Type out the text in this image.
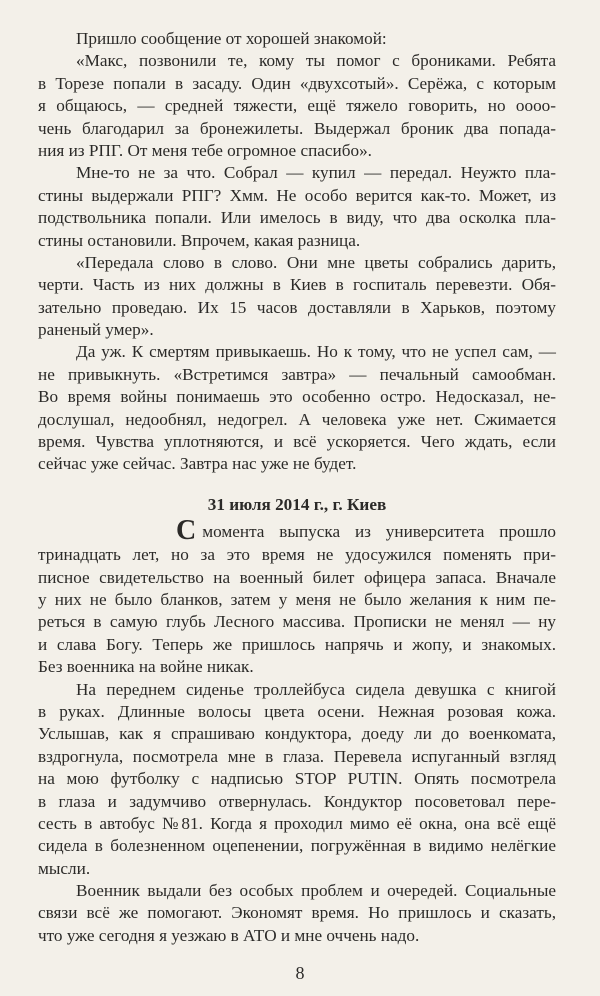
Пришло сообщение от хорошей знакомой:
«Макс, позвонили те, кому ты помог с брониками. Ребята
в Торезе попали в засаду. Один «двухсотый». Серёжа, с которым
я общаюсь, — средней тяжести, ещё тяжело говорить, но оооо-
чень благодарил за бронежилеты. Выдержал броник два попада-
ния из РПГ. От меня тебе огромное спасибо».
Мне-то не за что. Собрал — купил — передал. Неужто пла-
стины выдержали РПГ? Хмм. Не особо верится как-то. Может, из
подствольника попали. Или имелось в виду, что два осколка пла-
стины остановили. Впрочем, какая разница.
«Передала слово в слово. Они мне цветы собрались дарить,
черти. Часть из них должны в Киев в госпиталь перевезти. Обя-
зательно проведаю. Их 15 часов доставляли в Харьков, поэтому
раненый умер».
Да уж. К смертям привыкаешь. Но к тому, что не успел сам, —
не привыкнуть. «Встретимся завтра» — печальный самообман.
Во время войны понимаешь это особенно остро. Недосказал, не-
дослушал, недообнял, недогрел. А человека уже нет. Сжимается
время. Чувства уплотняются, и всё ускоряется. Чего ждать, если
сейчас уже сейчас. Завтра нас уже не будет.
31 июля 2014 г., г. Киев
Смомента выпуска из университета прошло
тринадцать лет, но за это время не удосужился поменять при-
писное свидетельство на военный билет офицера запаса. Вначале
у них не было бланков, затем у меня не было желания к ним пе-
реться в самую глубь Лесного массива. Прописки не менял — ну
и слава Богу. Теперь же пришлось напрячь и жопу, и знакомых.
Без военника на войне никак.
На переднем сиденье троллейбуса сидела девушка с книгой
в руках. Длинные волосы цвета осени. Нежная розовая кожа.
Услышав, как я спрашиваю кондуктора, доеду ли до военкомата,
вздрогнула, посмотрела мне в глаза. Перевела испуганный взгляд
на мою футболку с надписью STOP PUTIN. Опять посмотрела
в глаза и задумчиво отвернулась. Кондуктор посоветовал пере-
сесть в автобус №81. Когда я проходил мимо её окна, она всё ещё
сидела в болезненном оцепенении, погружённая в видимо нелёгкие
мысли.
Военник выдали без особых проблем и очередей. Социальные
связи всё же помогают. Экономят время. Но пришлось и сказать,
что уже сегодня я уезжаю в АТО и мне оччень надо.
8
